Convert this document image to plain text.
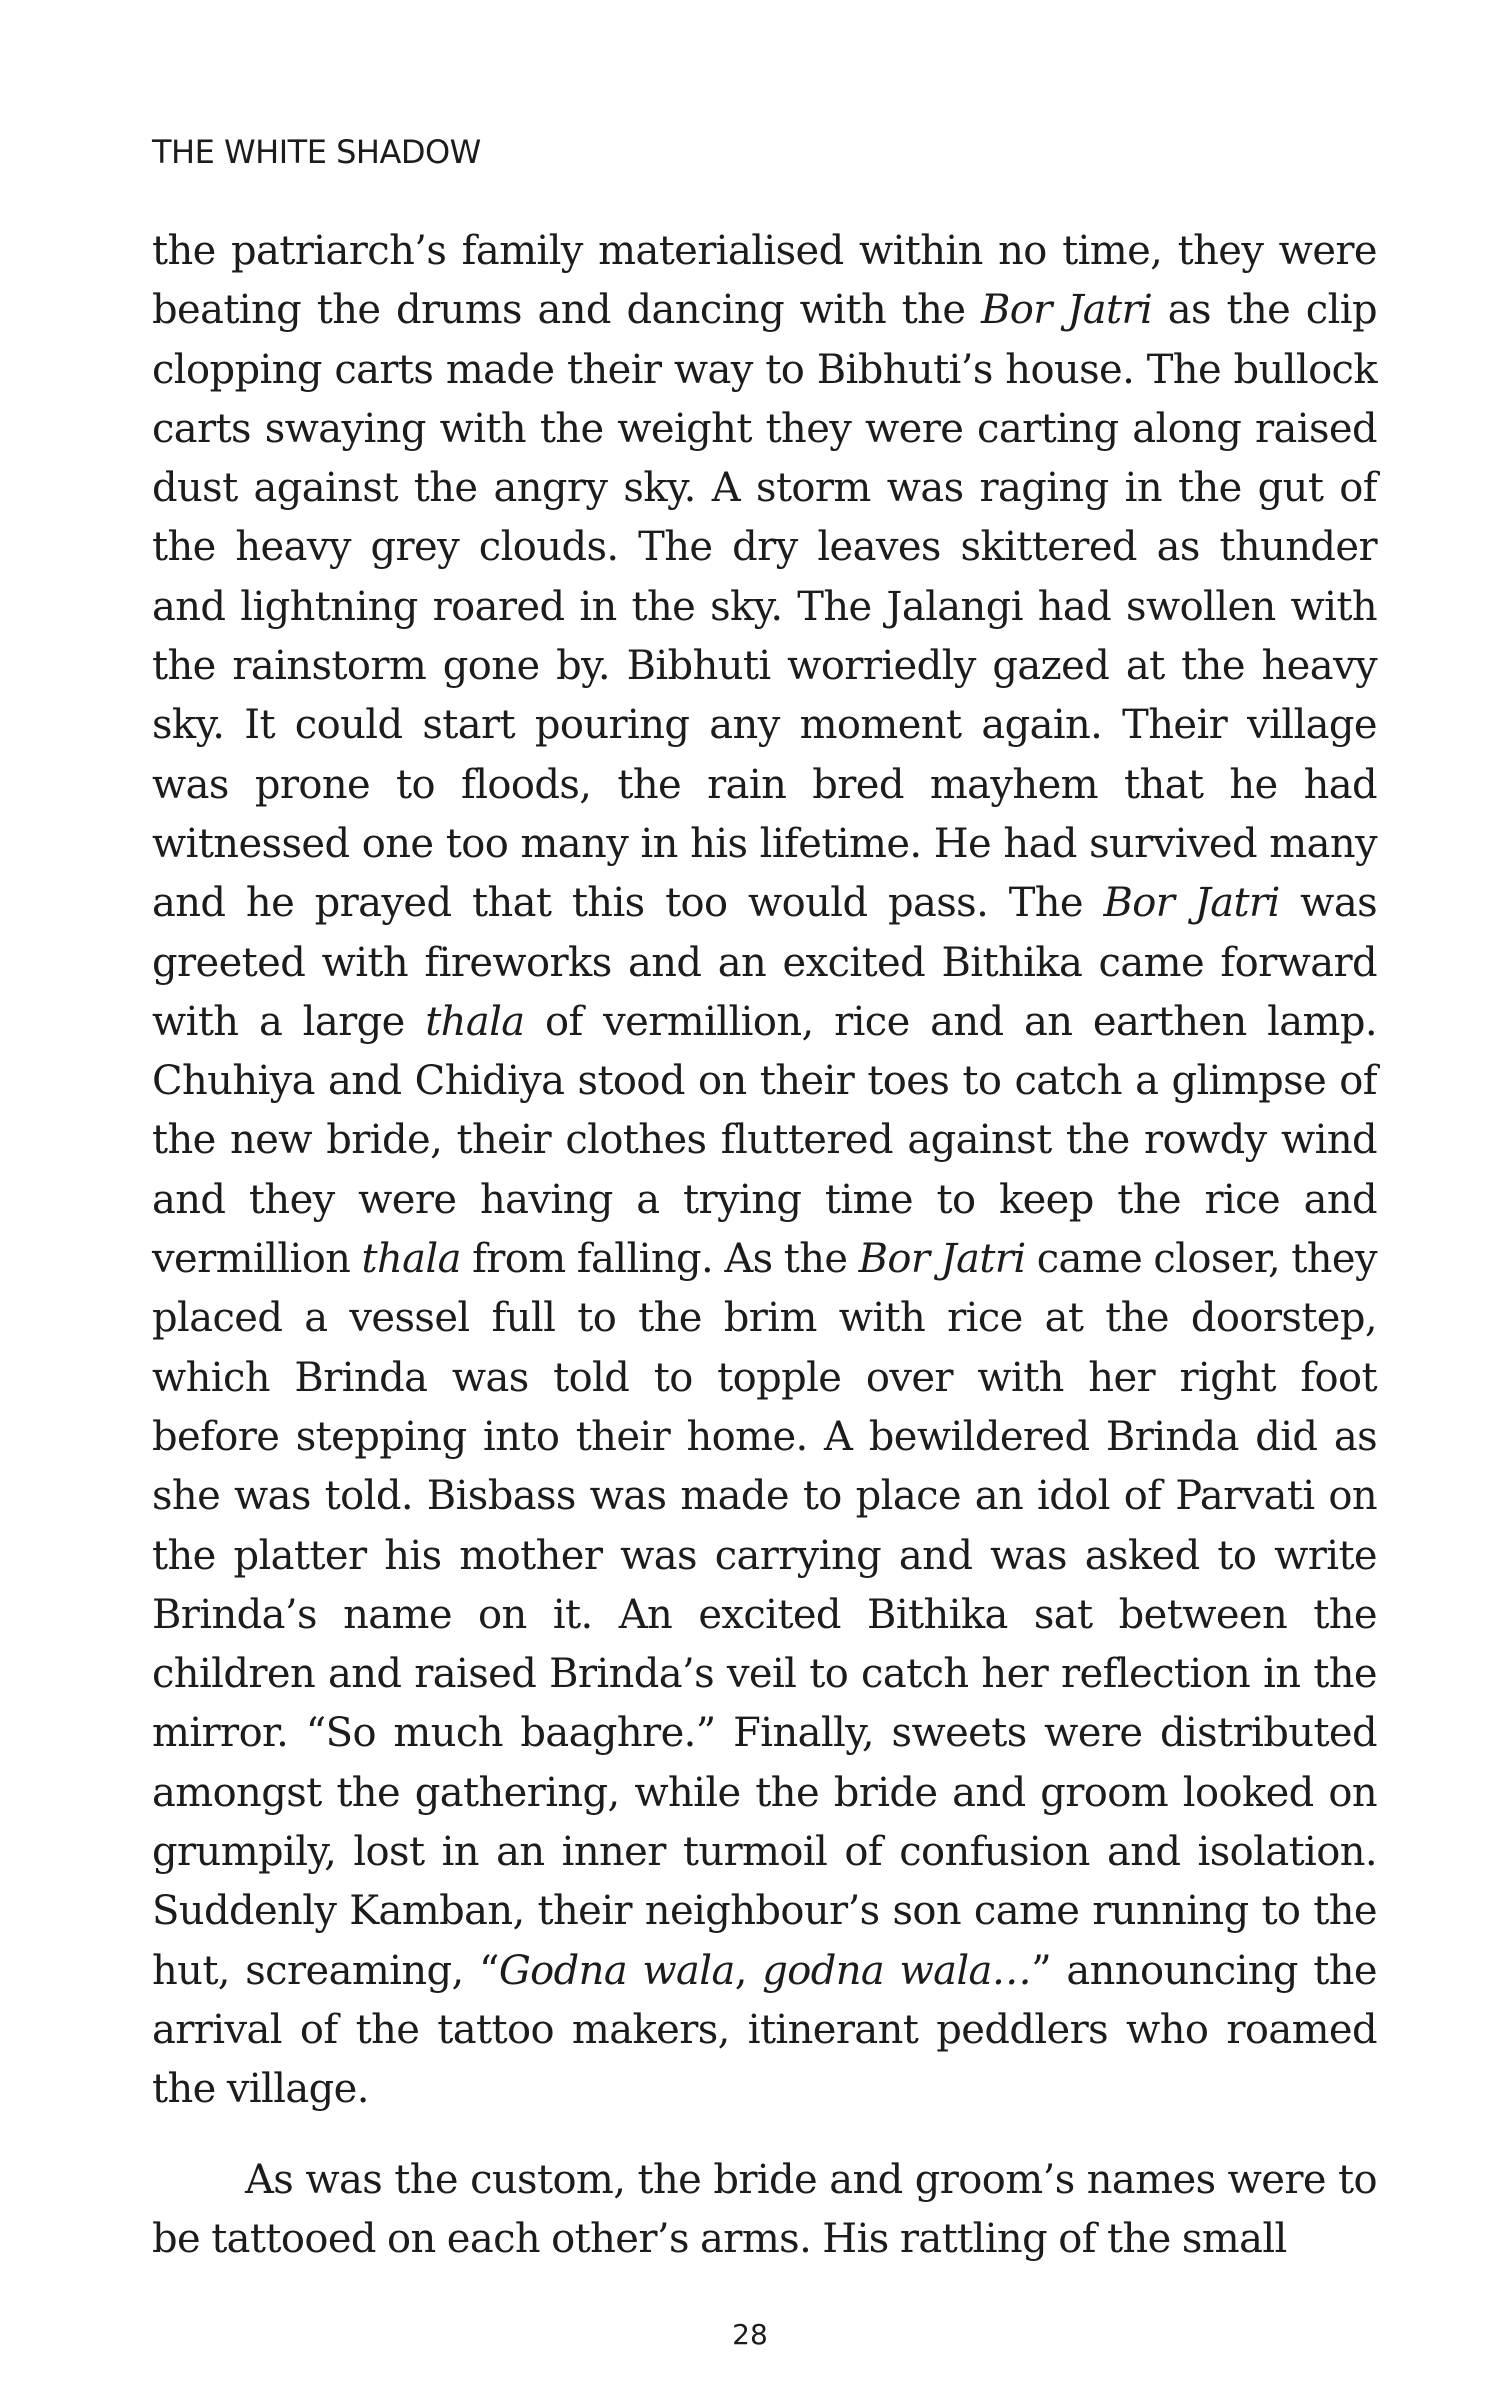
THE WHITE SHADOW

the patriarch’s family materialised within no time, they were beating the drums and dancing with the Bor Jatri as the clip clopping carts made their way to Bibhuti’s house. The bullock carts swaying with the weight they were carting along raised dust against the angry sky. A storm was raging in the gut of the heavy grey clouds. The dry leaves skittered as thunder and lightning roared in the sky. The Jalangi had swollen with the rainstorm gone by. Bibhuti worriedly gazed at the heavy sky. It could start pouring any moment again. Their village was prone to floods, the rain bred mayhem that he had witnessed one too many in his lifetime. He had survived many and he prayed that this too would pass. The Bor Jatri was greeted with fireworks and an excited Bithika came forward with a large thala of vermillion, rice and an earthen lamp. Chuhiya and Chidiya stood on their toes to catch a glimpse of the new bride, their clothes fluttered against the rowdy wind and they were having a trying time to keep the rice and vermillion thala from falling. As the Bor Jatri came closer, they placed a vessel full to the brim with rice at the doorstep, which Brinda was told to topple over with her right foot before stepping into their home. A bewildered Brinda did as she was told. Bisbass was made to place an idol of Parvati on the platter his mother was carrying and was asked to write Brinda’s name on it. An excited Bithika sat between the children and raised Brinda’s veil to catch her reflection in the mirror. “So much baaghre.” Finally, sweets were distributed amongst the gathering, while the bride and groom looked on grumpily, lost in an inner turmoil of confusion and isolation. Suddenly Kamban, their neighbour’s son came running to the hut, screaming, “Godna wala, godna wala…” announcing the arrival of the tattoo makers, itinerant peddlers who roamed the village.

As was the custom, the bride and groom’s names were to be tattooed on each other’s arms. His rattling of the small

28
